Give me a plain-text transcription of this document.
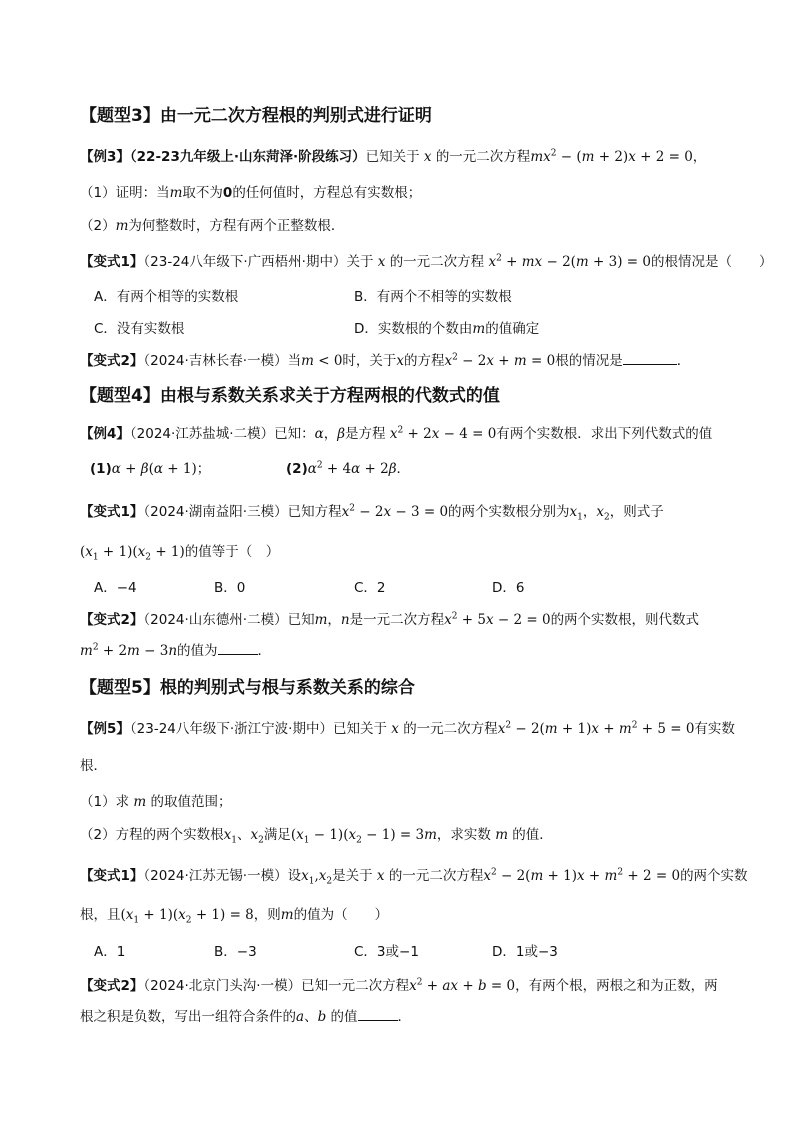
【题型3】由一元二次方程根的判别式进行证明
【例3】（22-23九年级上·山东菏泽·阶段练习）已知关于 x 的一元二次方程$mx^2 - (m + 2)x + 2 = 0$，
（1）证明：当m取不为0的任何值时，方程总有实数根；
（2）m为何整数时，方程有两个正整数根．
【变式1】（23-24八年级下·广西梧州·期中）关于 x 的一元二次方程 $x^2$ + mx − 2(m + 3) = 0的根情况是（　　）
A．有两个相等的实数根	B．有两个不相等的实数根
C．没有实数根	D．实数根的个数由m的值确定
【变式2】（2024·吉林长春·一模）当m < 0时，关于x的方程$x^2 - 2x + m = 0$根的情况是	．
【题型4】由根与系数关系求关于方程两根的代数式的值
【例4】（2024·江苏盐城·二模）已知：α，β是方程 $x^2 + 2x - 4 = 0$有两个实数根．求出下列代数式的值
(1)α + β(α + 1)；	$(2)\alpha^2 + 4\alpha + 2\beta$．
【变式1】（2024·湖南益阳·三模）已知方程$x^2 - 2x - 3 = 0$的两个实数根分别为$x_1$，$x_2$，则式子
$(x_1 + 1)(x_2 + 1)$的值等于（　）
A．−4	B．0	C．2	D．6
【变式2】（2024·山东德州·二模）已知m，n是一元二次方程$x^2 + 5x - 2 = 0$的两个实数根，则代数式
$m^2 + 2m - 3n$的值为	．
【题型5】根的判别式与根与系数关系的综合
【例5】（23-24八年级下·浙江宁波·期中）已知关于 x 的一元二次方程$x^2 - 2(m + 1)x + m^2 + 5 = 0$有实数
根．
（1）求 m 的取值范围；
（2）方程的两个实数根$x_1$、$x_2$满足$(x_1 - 1)(x_2 - 1) = 3m$，求实数 m 的值．
【变式1】（2024·江苏无锡·一模）设$x_1,x_2$是关于 x 的一元二次方程$x^2 - 2(m + 1)x + m^2 + 2 = 0$的两个实数
根，且$(x_1 + 1)(x_2 + 1) = 8$，则m的值为（　　）
A．1	B．−3	C．3或−1	D．1或−3
【变式2】（2024·北京门头沟·一模）已知一元二次方程$x^2$ + ax + b = 0，有两个根，两根之和为正数，两
根之积是负数，写出一组符合条件的a、b 的值	．
